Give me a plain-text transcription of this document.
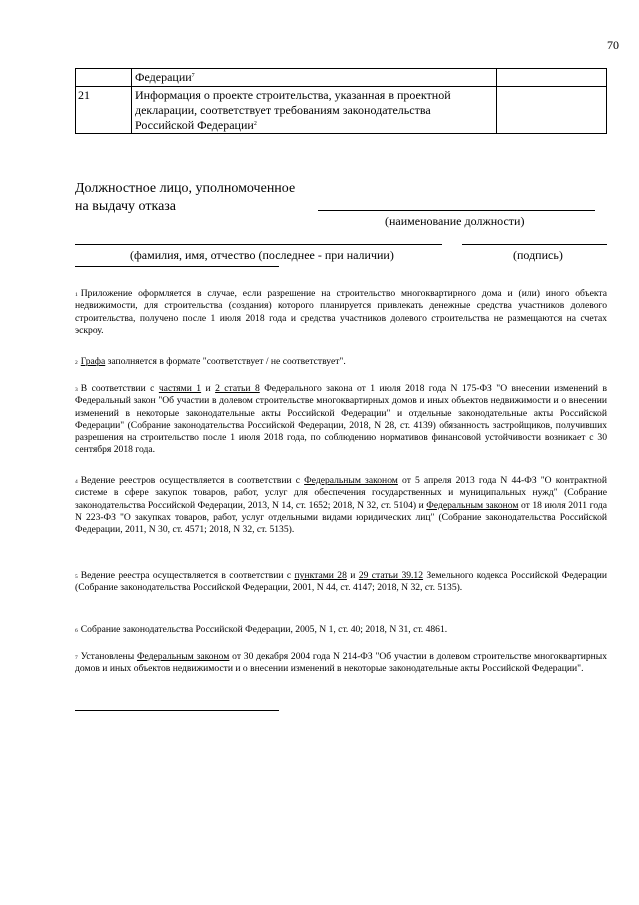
70
Федерации$^7$
21	Информация о проекте строительства, указанная в проектной
декларации, соответствует требованиям законодательства
Российской Федерации$^2$
Должностное лицо, уполномоченное
на выдачу отказа
(наименование должности)
(фамилия, имя, отчество (последнее - при наличии)	(подпись)
$^1$ Приложение оформляется в случае, если разрешение на строительство многоквартирного дома и (или) иного объекта недвижимости, для строительства (создания) которого планируется привлекать денежные средства участников долевого строительства, получено после 1 июля 2018 года и средства участников долевого строительства не размещаются на счетах эскроу.
$^2$ Графа заполняется в формате "соответствует / не соответствует".
$^3$ В соответствии с частями 1 и 2 статьи 8 Федерального закона от 1 июля 2018 года N 175-ФЗ "О внесении изменений в Федеральный закон "Об участии в долевом строительстве многоквартирных домов и иных объектов недвижимости и о внесении изменений в некоторые законодательные акты Российской Федерации" и отдельные законодательные акты Российской Федерации" (Собрание законодательства Российской Федерации, 2018, N 28, ст. 4139) обязанность застройщиков, получивших разрешения на строительство после 1 июля 2018 года, по соблюдению нормативов финансовой устойчивости возникает с 30 сентября 2018 года.
$^4$ Ведение реестров осуществляется в соответствии с Федеральным законом от 5 апреля 2013 года N 44-ФЗ "О контрактной системе в сфере закупок товаров, работ, услуг для обеспечения государственных и муниципальных нужд" (Собрание законодательства Российской Федерации, 2013, N 14, ст. 1652; 2018, N 32, ст. 5104) и Федеральным законом от 18 июля 2011 года N 223-ФЗ "О закупках товаров, работ, услуг отдельными видами юридических лиц" (Собрание законодательства Российской Федерации, 2011, N 30, ст. 4571; 2018, N 32, ст. 5135).
$^5$ Ведение реестра осуществляется в соответствии с пунктами 28 и 29 статьи 39.12 Земельного кодекса Российской Федерации (Собрание законодательства Российской Федерации, 2001, N 44, ст. 4147; 2018, N 32, ст. 5135).
$^6$ Собрание законодательства Российской Федерации, 2005, N 1, ст. 40; 2018, N 31, ст. 4861.
$^7$ Установлены Федеральным законом от 30 декабря 2004 года N 214-ФЗ "Об участии в долевом строительстве многоквартирных домов и иных объектов недвижимости и о внесении изменений в некоторые законодательные акты Российской Федерации".
